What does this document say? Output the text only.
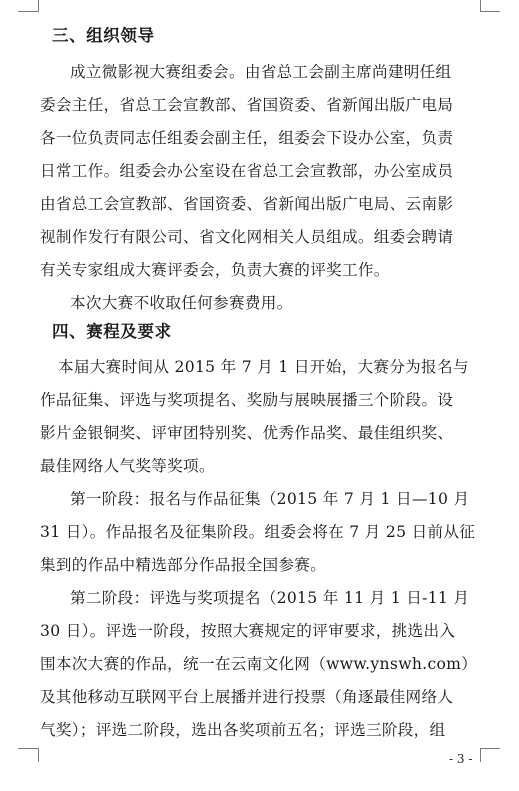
三、组织领导
成立微影视大赛组委会。由省总工会副主席尚建明任组
委会主任，省总工会宣教部、省国资委、省新闻出版广电局
各一位负责同志任组委会副主任，组委会下设办公室，负责
日常工作。组委会办公室设在省总工会宣教部，办公室成员
由省总工会宣教部、省国资委、省新闻出版广电局、云南影
视制作发行有限公司、省文化网相关人员组成。组委会聘请
有关专家组成大赛评委会，负责大赛的评奖工作。
本次大赛不收取任何参赛费用。
四、赛程及要求
本届大赛时间从 2015 年 7 月 1 日开始，大赛分为报名与
作品征集、评选与奖项提名、奖励与展映展播三个阶段。设
影片金银铜奖、评审团特别奖、优秀作品奖、最佳组织奖、
最佳网络人气奖等奖项。
第一阶段：报名与作品征集（2015 年 7 月 1 日—10 月
31 日）。作品报名及征集阶段。组委会将在 7 月 25 日前从征
集到的作品中精选部分作品报全国参赛。
第二阶段：评选与奖项提名（2015 年 11 月 1 日-11 月
30 日）。评选一阶段，按照大赛规定的评审要求，挑选出入
围本次大赛的作品，统一在云南文化网（www.ynswh.com）
及其他移动互联网平台上展播并进行投票（角逐最佳网络人
气奖）；评选二阶段，选出各奖项前五名；评选三阶段，组
- 3 -
